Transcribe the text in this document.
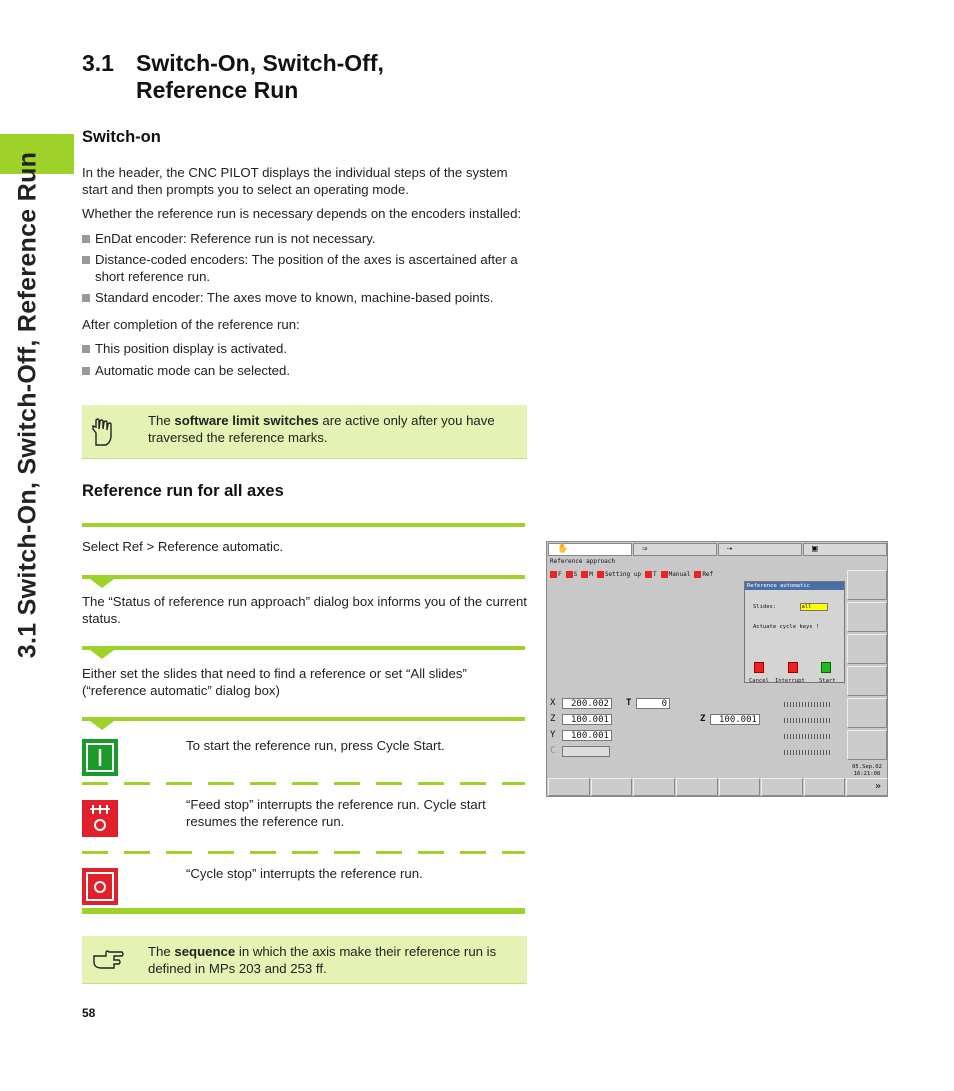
3.1 Switch-On, Switch-Off, Reference Run
3.1 Switch-On, Switch-Off,
Reference Run
Switch-on
In the header, the CNC PILOT displays the individual steps of the system start and then prompts you to select an operating mode.
Whether the reference run is necessary depends on the encoders installed:
EnDat encoder: Reference run is not necessary.
Distance-coded encoders: The position of the axes is ascertained after a short reference run.
Standard encoder: The axes move to known, machine-based points.
After completion of the reference run:
This position display is activated.
Automatic mode can be selected.
The software limit switches are active only after you have traversed the reference marks.
Reference run for all axes
Select Ref > Reference automatic.
The “Status of reference run approach” dialog box informs you of the current status.
Either set the slides that need to find a reference or set “All slides” (“reference automatic” dialog box)
To start the reference run, press Cycle Start.
“Feed stop” interrupts the reference run. Cycle start resumes the reference run.
“Cycle stop” interrupts the reference run.
The sequence in which the axis make their reference run is defined in MPs 203 and 253 ff.
58
✋	⇒	⇢	▣
Reference approach
F	S	M	Setting up	T	Manual	Ref
Reference automatic
Slides:	all
Actuate cycle keys !
Cancel Interrupt	Start
X	200.002
Z	100.001
Y	100.001
C
T	0
Z	100.001
05.Sep.02
16:21:08
»
